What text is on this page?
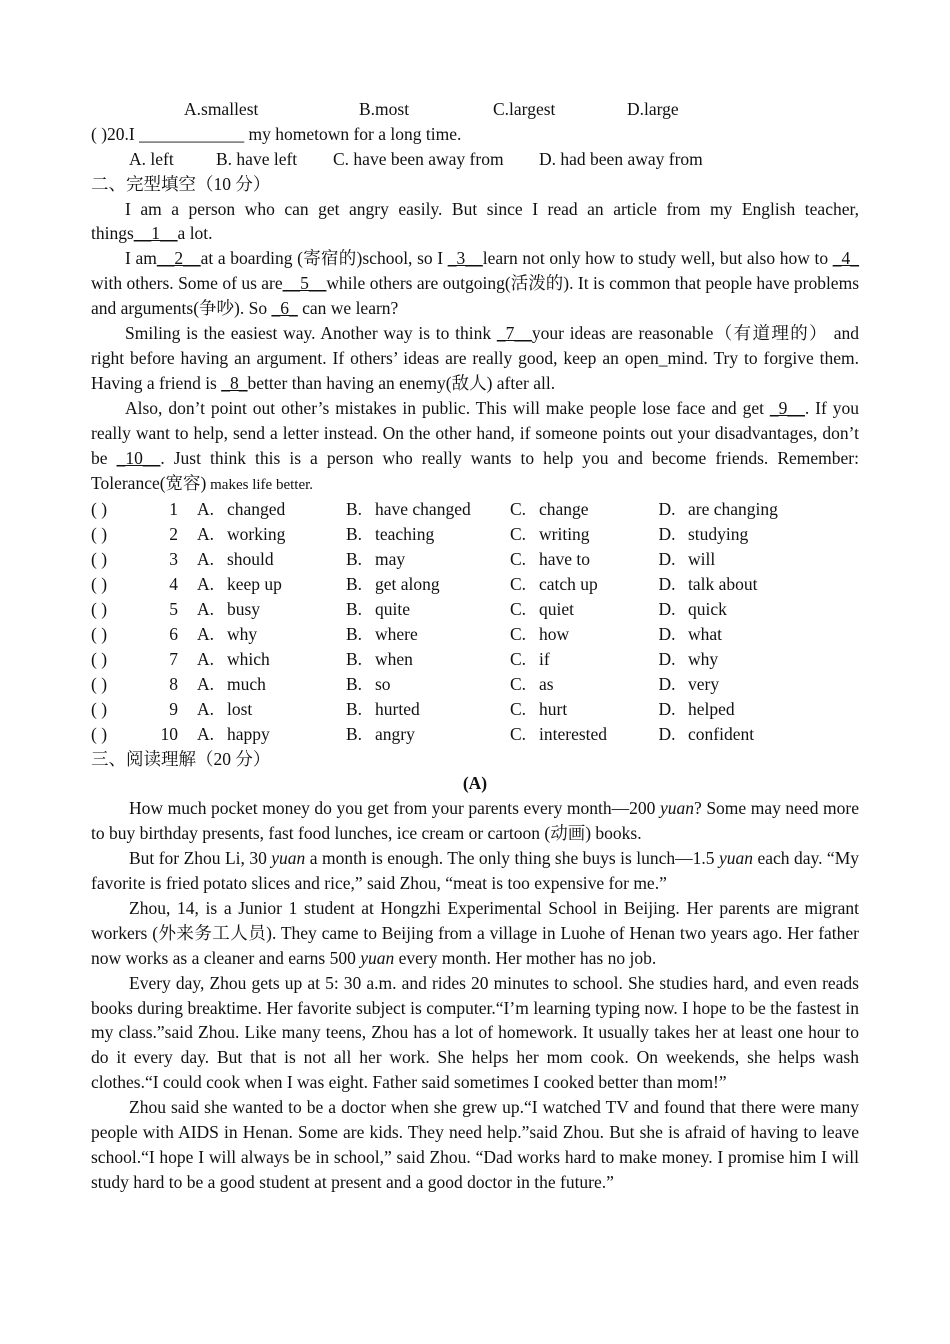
A.smallest	B.most	C.largest	D.large
( )20.I ____________ my hometown for a long time.
A. left B. have left C. have been away from D. had been away from
二、完型填空（10 分）

I am a person who can get angry easily. But since I read an article from my English teacher, things__1__a lot.

I am__2__at a boarding (寄宿的)school, so I _3__learn not only how to study well, but also how to _4_ with others. Some of us are__5__while others are outgoing(活泼的). It is common that people have problems and arguments(争吵). So _6_ can we learn?

Smiling is the easiest way. Another way is to think _7__your ideas are reasonable（有道理的） and right before having an argument. If others’ ideas are really good, keep an open_mind. Try to forgive them. Having a friend is _8_better than having an enemy(敌人) after all.

Also, don’t point out other’s mistakes in public. This will make people lose face and get _9__. If you really want to help, send a letter instead. On the other hand, if someone points out your disadvantages, don’t be _10__. Just think this is a person who really wants to help you and become friends. Remember: Tolerance(宽容) makes life better.

( )	1	A.	changed	B.	have changed	C.	change	D.	are changing
( )	2	A.	working	B.	teaching	C.	writing	D.	studying
( )	3	A.	should	B.	may	C.	have to	D.	will
( )	4	A.	keep up	B.	get along	C.	catch up	D.	talk about
( )	5	A.	busy	B.	quite	C.	quiet	D.	quick
( )	6	A.	why	B.	where	C.	how	D.	what
( )	7	A.	which	B.	when	C.	if	D.	why
( )	8	A.	much	B.	so	C.	as	D.	very
( )	9	A.	lost	B.	hurted	C.	hurt	D.	helped
( )	10	A.	happy	B.	angry	C.	interested	D.	confident
三、阅读理解（20 分）
(A)

How much pocket money do you get from your parents every month—200 yuan? Some may need more to buy birthday presents, fast food lunches, ice cream or cartoon (动画) books.

But for Zhou Li, 30 yuan a month is enough. The only thing she buys is lunch—1.5 yuan each day. “My favorite is fried potato slices and rice,” said Zhou, “meat is too expensive for me.”

Zhou, 14, is a Junior 1 student at Hongzhi Experimental School in Beijing. Her parents are migrant workers (外来务工人员). They came to Beijing from a village in Luohe of Henan two years ago. Her father now works as a cleaner and earns 500 yuan every month. Her mother has no job.

Every day, Zhou gets up at 5: 30 a.m. and rides 20 minutes to school. She studies hard, and even reads books during breaktime. Her favorite subject is computer.“I’m learning typing now. I hope to be the fastest in my class.”said Zhou. Like many teens, Zhou has a lot of homework. It usually takes her at least one hour to do it every day. But that is not all her work. She helps her mom cook. On weekends, she helps wash clothes.“I could cook when I was eight. Father said sometimes I cooked better than mom!”

Zhou said she wanted to be a doctor when she grew up.“I watched TV and found that there were many people with AIDS in Henan. Some are kids. They need help.”said Zhou. But she is afraid of having to leave school.“I hope I will always be in school,” said Zhou. “Dad works hard to make money. I promise him I will study hard to be a good student at present and a good doctor in the future.”
